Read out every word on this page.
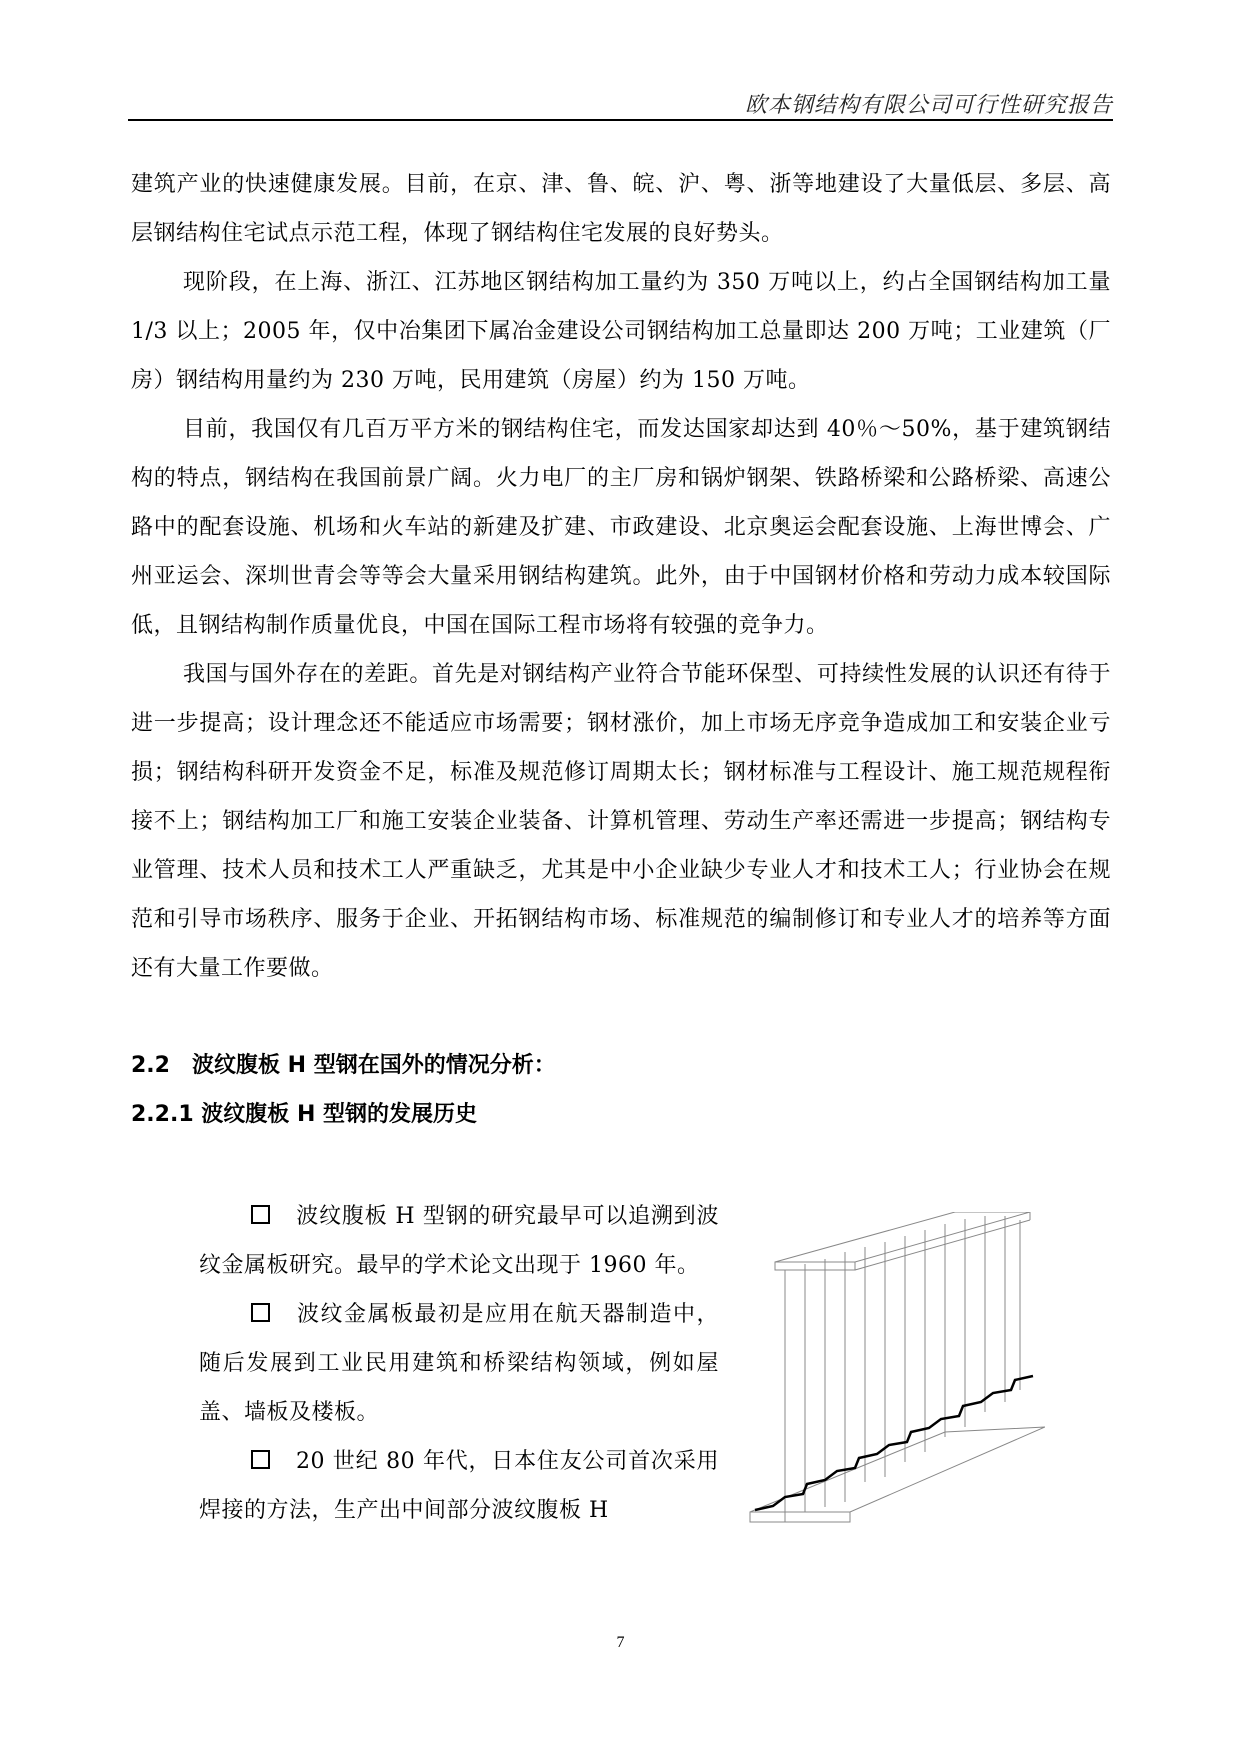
欧本钢结构有限公司可行性研究报告

建筑产业的快速健康发展。目前，在京、津、鲁、皖、沪、粤、浙等地建设了大量低层、多层、高层钢结构住宅试点示范工程，体现了钢结构住宅发展的良好势头。

现阶段，在上海、浙江、江苏地区钢结构加工量约为 350 万吨以上，约占全国钢结构加工量 1/3 以上；2005 年，仅中冶集团下属冶金建设公司钢结构加工总量即达 200 万吨；工业建筑（厂房）钢结构用量约为 230 万吨，民用建筑（房屋）约为 150 万吨。

目前，我国仅有几百万平方米的钢结构住宅，而发达国家却达到 40％～50%，基于建筑钢结构的特点，钢结构在我国前景广阔。火力电厂的主厂房和锅炉钢架、铁路桥梁和公路桥梁、高速公路中的配套设施、机场和火车站的新建及扩建、市政建设、北京奥运会配套设施、上海世博会、广州亚运会、深圳世青会等等会大量采用钢结构建筑。此外，由于中国钢材价格和劳动力成本较国际低，且钢结构制作质量优良，中国在国际工程市场将有较强的竞争力。

我国与国外存在的差距。首先是对钢结构产业符合节能环保型、可持续性发展的认识还有待于进一步提高；设计理念还不能适应市场需要；钢材涨价，加上市场无序竞争造成加工和安装企业亏损；钢结构科研开发资金不足，标准及规范修订周期太长；钢材标准与工程设计、施工规范规程衔接不上；钢结构加工厂和施工安装企业装备、计算机管理、劳动生产率还需进一步提高；钢结构专业管理、技术人员和技术工人严重缺乏，尤其是中小企业缺少专业人才和技术工人；行业协会在规范和引导市场秩序、服务于企业、开拓钢结构市场、标准规范的编制修订和专业人才的培养等方面还有大量工作要做。

2.2　波纹腹板 H 型钢在国外的情况分析：
2.2.1 波纹腹板 H 型钢的发展历史

波纹腹板 H 型钢的研究最早可以追溯到波纹金属板研究。最早的学术论文出现于 1960 年。

波纹金属板最初是应用在航天器制造中，随后发展到工业民用建筑和桥梁结构领域，例如屋盖、墙板及楼板。

20 世纪 80 年代，日本住友公司首次采用焊接的方法，生产出中间部分波纹腹板 H

7
